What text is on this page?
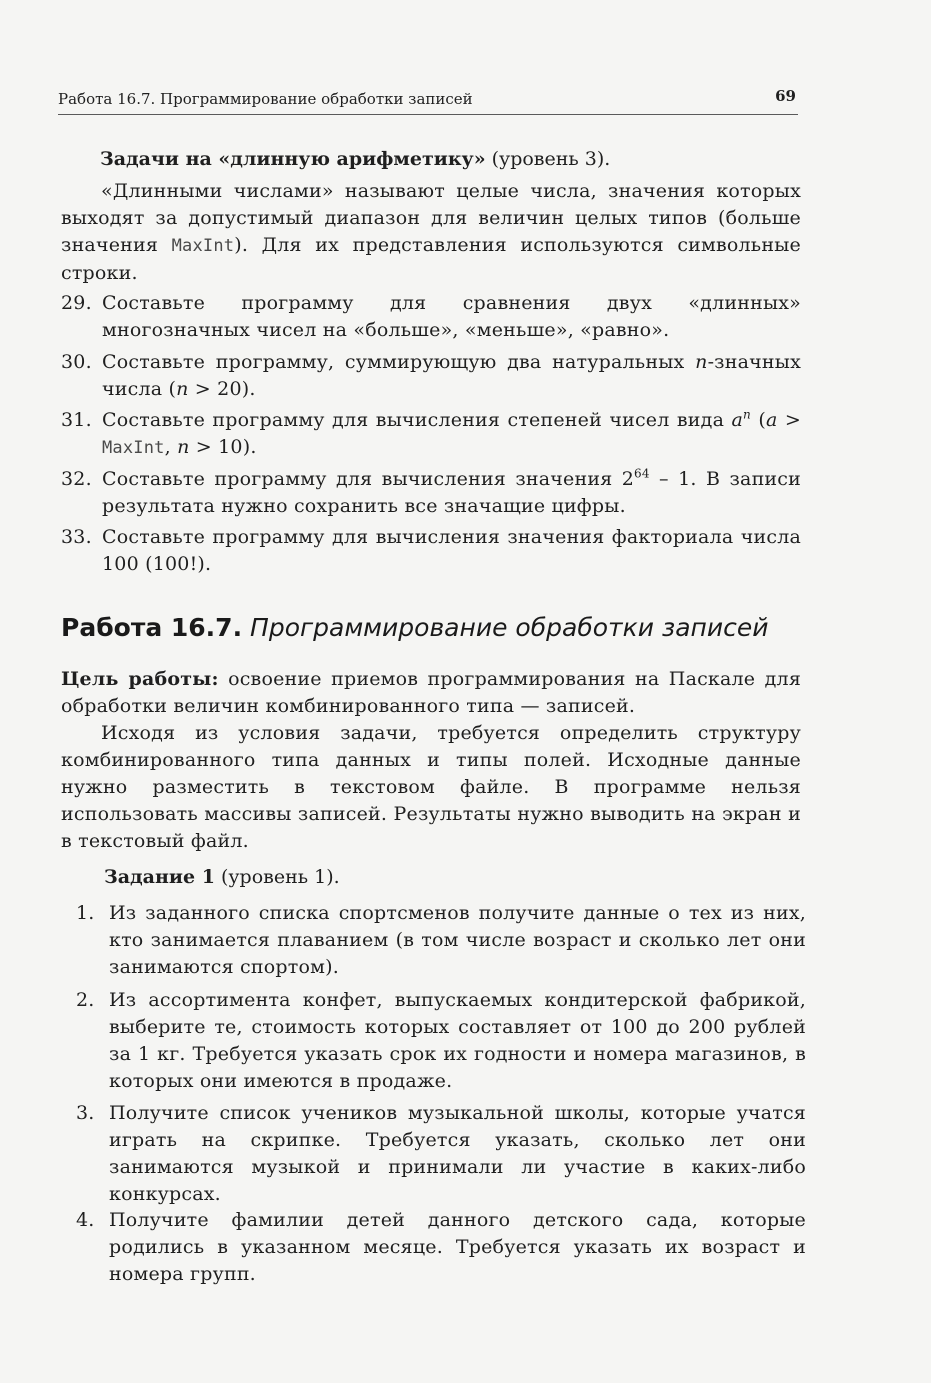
Работа 16.7. Программирование обработки записей	69
Задачи на «длинную арифметику» (уровень 3).
«Длинными числами» называют целые числа, значения которых выходят за допустимый диапазон для величин целых типов (больше значения MaxInt). Для их представления используются символьные строки.
29. Составьте программу для сравнения двух «длинных» многозначных чисел на «больше», «меньше», «равно».
30. Составьте программу, суммирующую два натуральных n-значных числа (n > 20).
31. Составьте программу для вычисления степеней чисел вида $a^n$ (a > MaxInt, n > 10).
32. Составьте программу для вычисления значения $2^{64} - 1$. В записи результата нужно сохранить все значащие цифры.
33. Составьте программу для вычисления значения факториала числа 100 (100!).
Работа 16.7. Программирование обработки записей
Цель работы: освоение приемов программирования на Паскале для обработки величин комбинированного типа — записей.
Исходя из условия задачи, требуется определить структуру комбинированного типа данных и типы полей. Исходные данные нужно разместить в текстовом файле. В программе нельзя использовать массивы записей. Результаты нужно выводить на экран и в текстовый файл.
Задание 1 (уровень 1).
1. Из заданного списка спортсменов получите данные о тех из них, кто занимается плаванием (в том числе возраст и сколько лет они занимаются спортом).
2. Из ассортимента конфет, выпускаемых кондитерской фабрикой, выберите те, стоимость которых составляет от 100 до 200 рублей за 1 кг. Требуется указать срок их годности и номера магазинов, в которых они имеются в продаже.
3. Получите список учеников музыкальной школы, которые учатся играть на скрипке. Требуется указать, сколько лет они занимаются музыкой и принимали ли участие в каких-либо конкурсах.
4. Получите фамилии детей данного детского сада, которые родились в указанном месяце. Требуется указать их возраст и номера групп.
